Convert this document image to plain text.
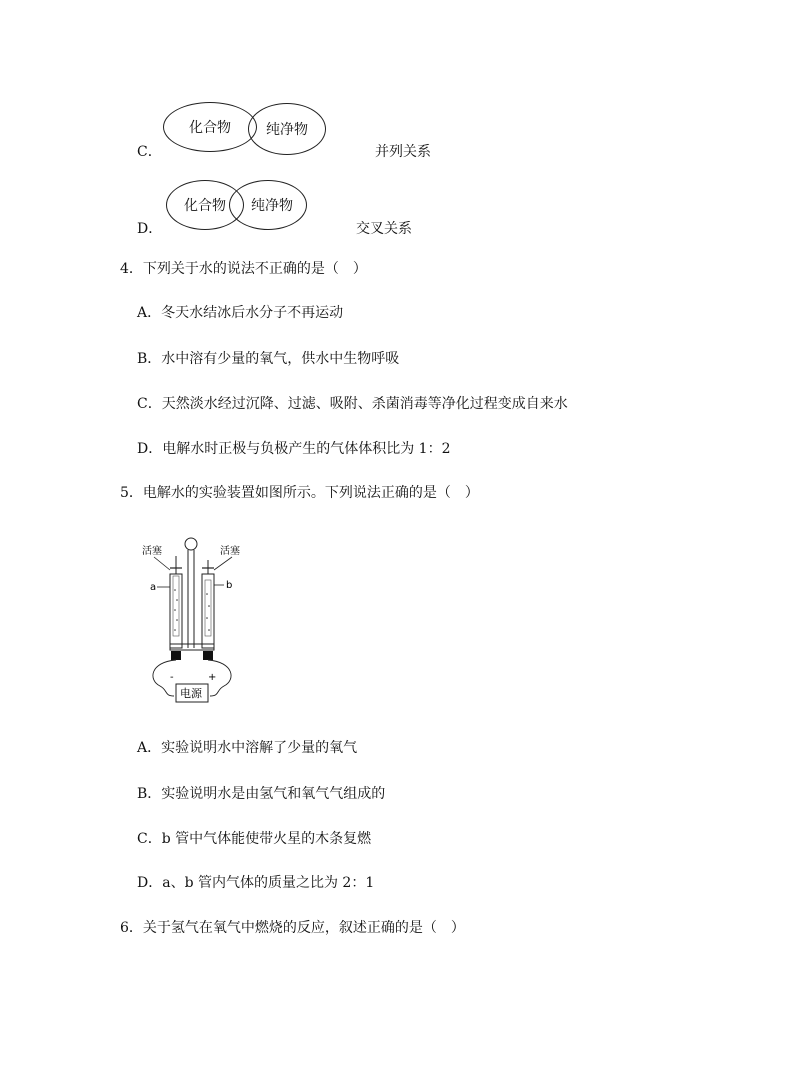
C．
化合物	纯净物
并列关系
D．
化合物	纯净物
交叉关系
4．下列关于水的说法不正确的是（　）
A．冬天水结冰后水分子不再运动
B．水中溶有少量的氧气，供水中生物呼吸
C．天然淡水经过沉降、过滤、吸附、杀菌消毒等净化过程变成自来水
D．电解水时正极与负极产生的气体体积比为 1：2
5．电解水的实验装置如图所示。下列说法正确的是（　）
活塞	活塞
a	b
-	+
电源
A．实验说明水中溶解了少量的氧气
B．实验说明水是由氢气和氧气气组成的
C．b 管中气体能使带火星的木条复燃
D．a、b 管内气体的质量之比为 2：1
6．关于氢气在氧气中燃烧的反应，叙述正确的是（　）
